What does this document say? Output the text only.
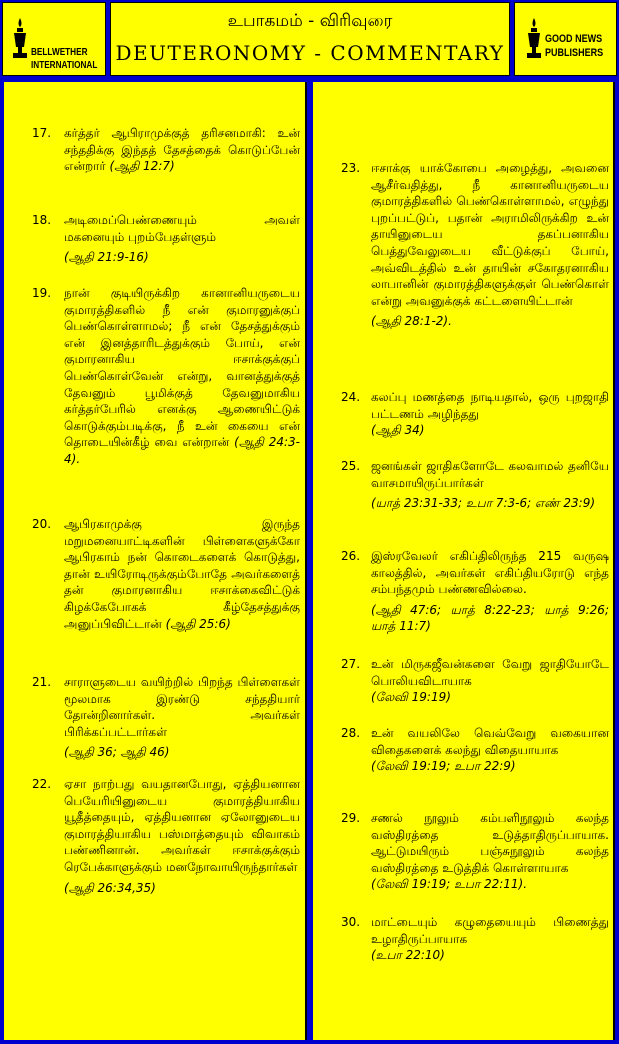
BELLWETHER
INTERNATIONAL
உபாகமம் - விரிவுரை
DEUTERONOMY - COMMENTARY
GOOD NEWS
PUBLISHERS
17.	கர்த்தர் ஆபிராமுக்குத் தரிசனமாகி: உன் சந்ததிக்கு இந்தத் தேசத்தைக் கொடுப்பேன் என்றார் (ஆதி 12:7)
18.	அடிமைப்பெண்ணையும் அவள் மகனையும் புறம்பேதள்ளும்
(ஆதி 21:9-16)
19.	நான் குடியிருக்கிற கானானியருடைய குமாரத்திகளில் நீ என் குமாரனுக்குப் பெண்கொள்ளாமல்; நீ என் தேசத்துக்கும் என் இனத்தாரிடத்துக்கும் போய், என் குமாரனாகிய ஈசாக்குக்குப் பெண்கொள்வேன் என்று, வானத்துக்குத் தேவனும் பூமிக்குத் தேவனுமாகிய கர்த்தர்பேரில் எனக்கு ஆணையிட்டுக் கொடுக்கும்படிக்கு, நீ உன் கையை என் தொடையின்கீழ் வை என்றான் (ஆதி 24:3-4).
20.	ஆபிரகாமுக்கு இருந்த மறுமனையாட்டிகளின் பிள்ளைகளுக்கோ ஆபிரகாம் நன் கொடைகளைக் கொடுத்து, தான் உயிரோடிருக்கும்போதே அவர்களைத் தன் குமாரனாகிய ஈசாக்கைவிட்டுக் கிழக்கேபோகக் கீழ்தேசத்துக்கு அனுப்பிவிட்டான் (ஆதி 25:6)
21.	சாராளுடைய வயிற்றில் பிறந்த பிள்ளைகள் மூலமாக இரண்டு சந்ததியார் தோன்றினார்கள். அவர்கள் பிரிக்கப்பட்டார்கள்
(ஆதி 36; ஆதி 46)
22.	ஏசா நாற்பது வயதானபோது, ஏத்தியனான பெயேரியினுடைய குமாரத்தியாகிய யூதீத்தையும், ஏத்தியனான ஏலோனுடைய குமாரத்தியாகிய பஸ்மாத்தையும் விவாகம் பண்ணினான். அவர்கள் ஈசாக்குக்கும் ரெபேக்காளுக்கும் மனநோவாயிருந்தார்கள்
(ஆதி 26:34,35)
23. ஈசாக்கு யாக்கோபை அழைத்து, அவனை ஆசீர்வதித்து, நீ கானானியருடைய குமாரத்திகளில் பெண்கொள்ளாமல், எழுந்து புறப்பட்டுப், பதான் அராமிலிருக்கிற உன் தாயினுடைய தகப்பனாகிய பெத்துவேலுடைய வீட்டுக்குப் போய், அவ்விடத்தில் உன் தாயின் சகோதரனாகிய லாபானின் குமாரத்திகளுக்குள் பெண்கொள் என்று அவனுக்குக் கட்டளையிட்டான்
(ஆதி 28:1-2).
24. கலப்பு மணத்தை நாடியதால், ஒரு புறஜாதி பட்டணம் அழிந்தது
(ஆதி 34)
25. ஜனங்கள் ஜாதிகளோடே கலவாமல் தனியே வாசமாயிருப்பார்கள்
(யாத் 23:31-33; உபா 7:3-6; எண் 23:9)
26. இஸ்ரவேலர் எகிப்திலிருந்த 215 வருஷ காலத்தில், அவர்கள் எகிப்தியரோடு எந்த சம்பந்தமும் பண்ணவில்லை.
(ஆதி 47:6; யாத் 8:22-23; யாத் 9:26; யாத் 11:7)
27. உன் மிருகஜீவன்களை வேறு ஜாதியோடே பொலியவிடாயாக
(லேவி 19:19)
28. உன் வயலிலே வெவ்வேறு வகையான விதைகளைக் கலந்து விதையாயாக
(லேவி 19:19; உபா 22:9)
29. சணல் நூலும் கம்பளிநூலும் கலந்த வஸ்திரத்தை உடுத்தாதிருப்பாயாக. ஆட்டுமயிரும் பஞ்சுநூலும் கலந்த வஸ்திரத்தை உடுத்திக் கொள்ளாயாக
(லேவி 19:19; உபா 22:11).
30. மாட்டையும் கழுதையையும் பிணைத்து உழாதிருப்பாயாக
(உபா 22:10)
